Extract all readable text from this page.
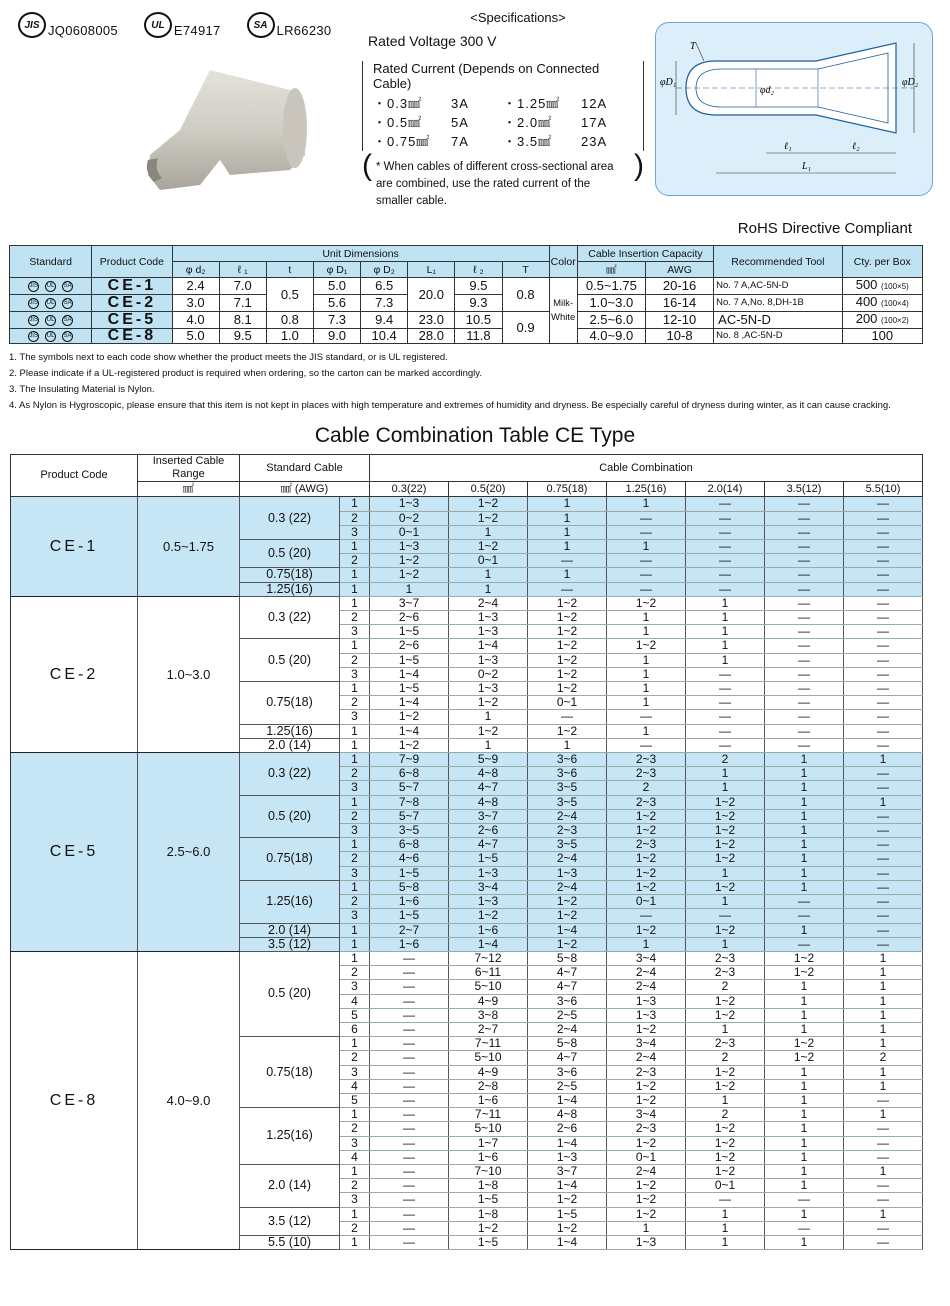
JIS JQ0608005	UL E74917	SA LR66230
<Specifications>
Rated Voltage 300 V
Rated Current (Depends on Connected Cable)
・0.3㎟	3A	・1.25㎟	12A
・0.5㎟	5A	・2.0㎟	17A
・0.75㎟	7A	・3.5㎟	23A
( * When cables of different cross-sectional area are combined, use the rated current of the smaller cable. )
T
φD₁
φd₂
φD₂
ℓ₁	ℓ₂
L₁
RoHS Directive Compliant
Standard	Product Code	Unit Dimensions								Color	Cable Insertion Capacity		Recommended Tool	Cty. per Box
		φ d₂	ℓ ₁	t	φ D₁	φ D₂	L₁	ℓ ₂	T		㎟	AWG		
JIS UL SA	CE-1	2.4	7.0	0.5	5.0	6.5	20.0	9.5	0.8	Milk-White	0.5~1.75	20-16	No. 7 A,AC-5N-D	500 (100×5)
JIS UL SA	CE-2	3.0	7.1		5.6	7.3		9.3			1.0~3.0	16-14	No. 7 A,No. 8,DH-1B	400 (100×4)
JIS UL SA	CE-5	4.0	8.1	0.8	7.3	9.4	23.0	10.5	0.9		2.5~6.0	12-10	AC-5N-D	200 (100×2)
JIS UL SA	CE-8	5.0	9.5	1.0	9.0	10.4	28.0	11.8			4.0~9.0	10-8	No. 8 ,AC-5N-D	100
1. The symbols next to each code show whether the product meets the JIS standard, or is UL registered.
2. Please indicate if a UL-registered product is required when ordering, so the carton can be marked accordingly.
3. The Insulating Material is Nylon.
4. As Nylon is Hygroscopic, please ensure that this item is not kept in places with high temperature and extremes of humidity and dryness. Be especially careful of dryness during winter, as it can cause cracking.
Cable Combination Table CE Type
Product Code	Inserted Cable Range	Standard Cable		Cable Combination						
	㎟	㎟ (AWG)		0.3(22)	0.5(20)	0.75(18)	1.25(16)	2.0(14)	3.5(12)	5.5(10)
CE-1	0.5~1.75	0.3 (22)	1	1~3	1~2	1	1	—	—	—
			2	0~2	1~2	1	—	—	—	—
			3	0~1	1	1	—	—	—	—
		0.5 (20)	1	1~3	1~2	1	1	—	—	—
			2	1~2	0~1	—	—	—	—	—
		0.75(18)	1	1~2	1	1	—	—	—	—
		1.25(16)	1	1	1	—	—	—	—	—
CE-2	1.0~3.0	0.3 (22)	1	3~7	2~4	1~2	1~2	1	—	—
			2	2~6	1~3	1~2	1	1	—	—
			3	1~5	1~3	1~2	1	1	—	—
		0.5 (20)	1	2~6	1~4	1~2	1~2	1	—	—
			2	1~5	1~3	1~2	1	1	—	—
			3	1~4	0~2	1~2	1	—	—	—
		0.75(18)	1	1~5	1~3	1~2	1	—	—	—
			2	1~4	1~2	0~1	1	—	—	—
			3	1~2	1	—	—	—	—	—
		1.25(16)	1	1~4	1~2	1~2	1	—	—	—
		2.0 (14)	1	1~2	1	1	—	—	—	—
CE-5	2.5~6.0	0.3 (22)	1	7~9	5~9	3~6	2~3	2	1	1
			2	6~8	4~8	3~6	2~3	1	1	—
			3	5~7	4~7	3~5	2	1	1	—
		0.5 (20)	1	7~8	4~8	3~5	2~3	1~2	1	1
			2	5~7	3~7	2~4	1~2	1~2	1	—
			3	3~5	2~6	2~3	1~2	1~2	1	—
		0.75(18)	1	6~8	4~7	3~5	2~3	1~2	1	—
			2	4~6	1~5	2~4	1~2	1~2	1	—
			3	1~5	1~3	1~3	1~2	1	1	—
		1.25(16)	1	5~8	3~4	2~4	1~2	1~2	1	—
			2	1~6	1~3	1~2	0~1	1	—	—
			3	1~5	1~2	1~2	—	—	—	—
		2.0 (14)	1	2~7	1~6	1~4	1~2	1~2	1	—
		3.5 (12)	1	1~6	1~4	1~2	1	1	—	—
CE-8	4.0~9.0	0.5 (20)	1	—	7~12	5~8	3~4	2~3	1~2	1
			2	—	6~11	4~7	2~4	2~3	1~2	1
			3	—	5~10	4~7	2~4	2	1	1
			4	—	4~9	3~6	1~3	1~2	1	1
			5	—	3~8	2~5	1~3	1~2	1	1
			6	—	2~7	2~4	1~2	1	1	1
		0.75(18)	1	—	7~11	5~8	3~4	2~3	1~2	1
			2	—	5~10	4~7	2~4	2	1~2	2
			3	—	4~9	3~6	2~3	1~2	1	1
			4	—	2~8	2~5	1~2	1~2	1	1
			5	—	1~6	1~4	1~2	1	1	—
		1.25(16)	1	—	7~11	4~8	3~4	2	1	1
			2	—	5~10	2~6	2~3	1~2	1	—
			3	—	1~7	1~4	1~2	1~2	1	—
			4	—	1~6	1~3	0~1	1~2	1	—
		2.0 (14)	1	—	7~10	3~7	2~4	1~2	1	1
			2	—	1~8	1~4	1~2	0~1	1	—
			3	—	1~5	1~2	1~2	—	—	—
		3.5 (12)	1	—	1~8	1~5	1~2	1	1	1
			2	—	1~2	1~2	1	1	—	—
		5.5 (10)	1	—	1~5	1~4	1~3	1	1	—
